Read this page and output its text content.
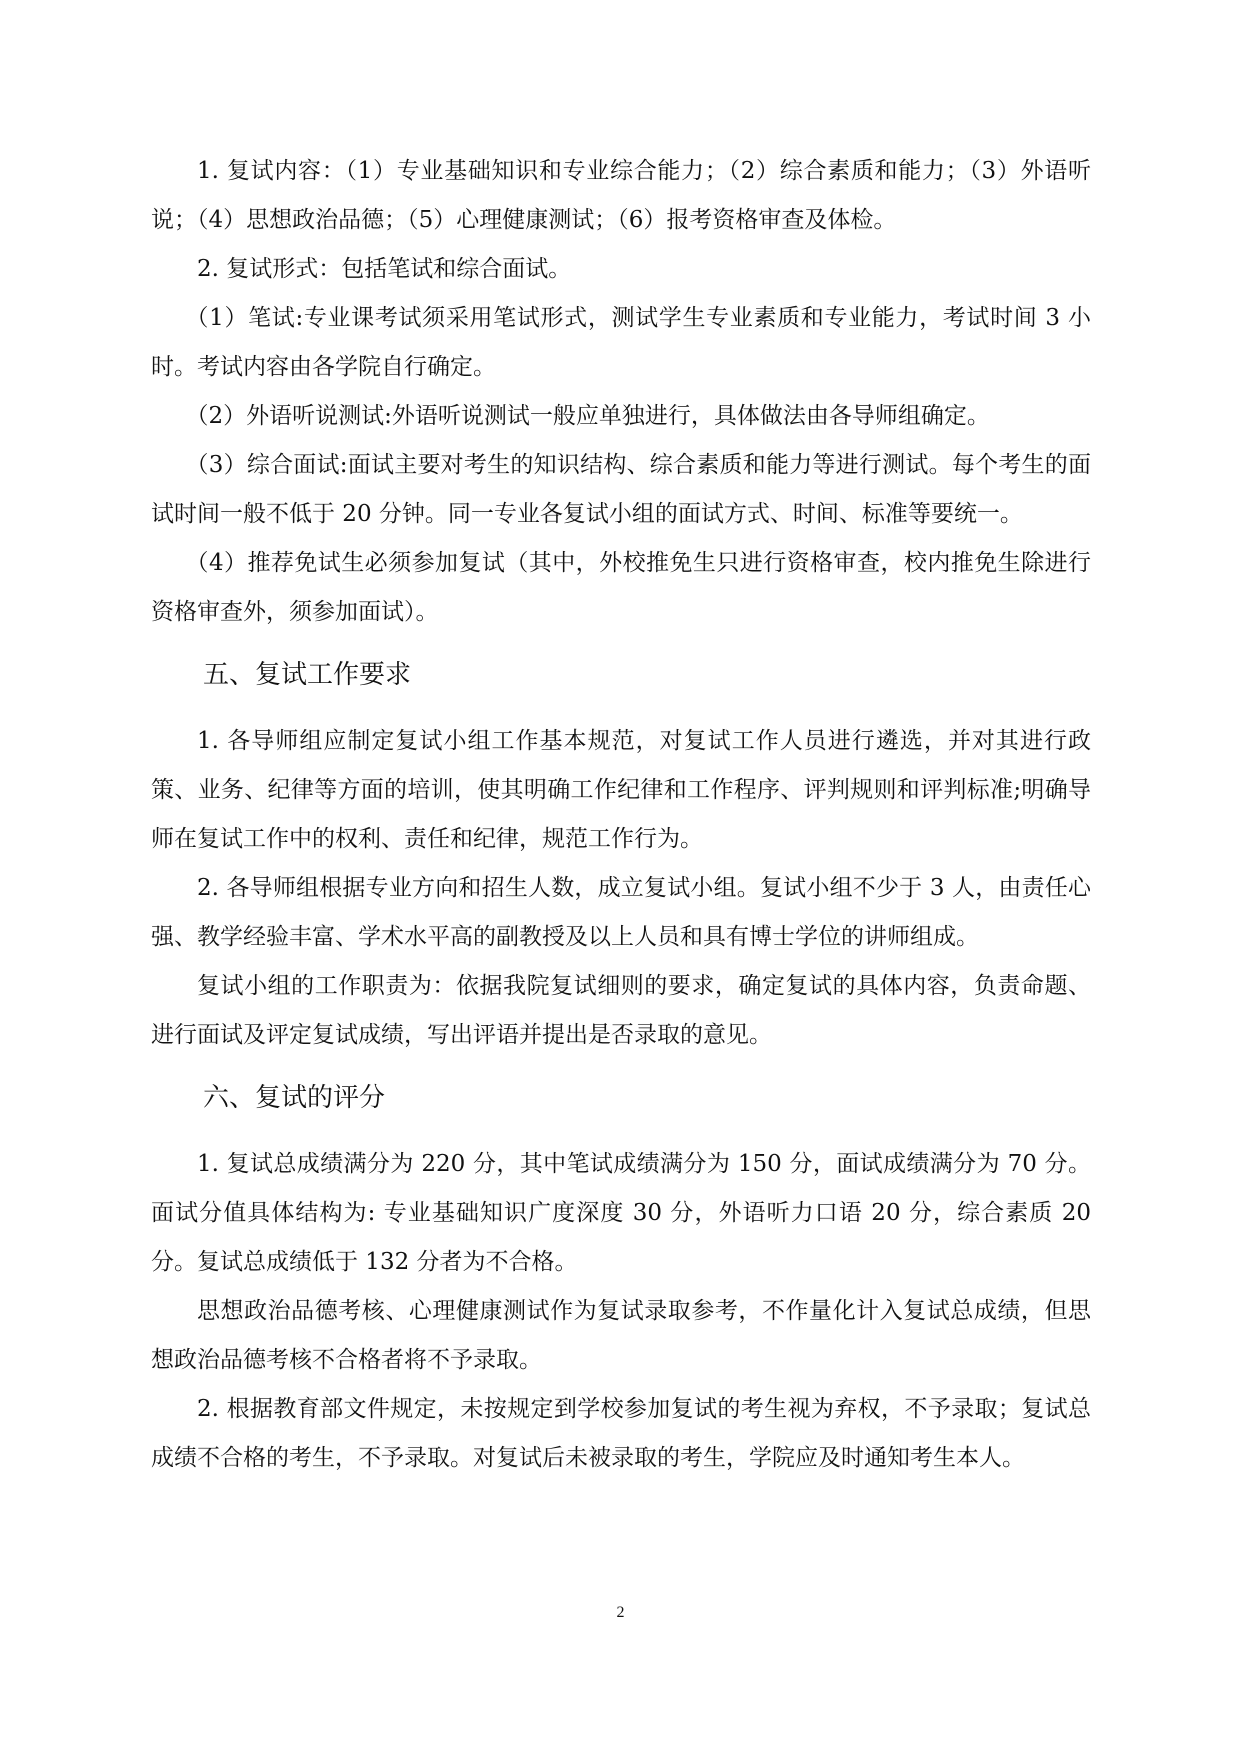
1. 复试内容：（1）专业基础知识和专业综合能力；（2）综合素质和能力；（3）外语听说；（4）思想政治品德；（5）心理健康测试；（6）报考资格审查及体检。

2. 复试形式：包括笔试和综合面试。

（1）笔试:专业课考试须采用笔试形式，测试学生专业素质和专业能力，考试时间 3 小时。考试内容由各学院自行确定。

（2）外语听说测试:外语听说测试一般应单独进行，具体做法由各导师组确定。

（3）综合面试:面试主要对考生的知识结构、综合素质和能力等进行测试。每个考生的面试时间一般不低于 20 分钟。同一专业各复试小组的面试方式、时间、标准等要统一。

（4）推荐免试生必须参加复试（其中，外校推免生只进行资格审查，校内推免生除进行资格审查外，须参加面试）。

五、复试工作要求

1. 各导师组应制定复试小组工作基本规范，对复试工作人员进行遴选，并对其进行政策、业务、纪律等方面的培训，使其明确工作纪律和工作程序、评判规则和评判标准;明确导师在复试工作中的权利、责任和纪律，规范工作行为。

2. 各导师组根据专业方向和招生人数，成立复试小组。复试小组不少于 3 人，由责任心强、教学经验丰富、学术水平高的副教授及以上人员和具有博士学位的讲师组成。

复试小组的工作职责为：依据我院复试细则的要求，确定复试的具体内容，负责命题、进行面试及评定复试成绩，写出评语并提出是否录取的意见。

六、复试的评分

1. 复试总成绩满分为 220 分，其中笔试成绩满分为 150 分，面试成绩满分为 70 分。面试分值具体结构为: 专业基础知识广度深度 30 分，外语听力口语 20 分，综合素质 20 分。复试总成绩低于 132 分者为不合格。

思想政治品德考核、心理健康测试作为复试录取参考，不作量化计入复试总成绩，但思想政治品德考核不合格者将不予录取。

2. 根据教育部文件规定，未按规定到学校参加复试的考生视为弃权，不予录取；复试总成绩不合格的考生，不予录取。对复试后未被录取的考生，学院应及时通知考生本人。

2
